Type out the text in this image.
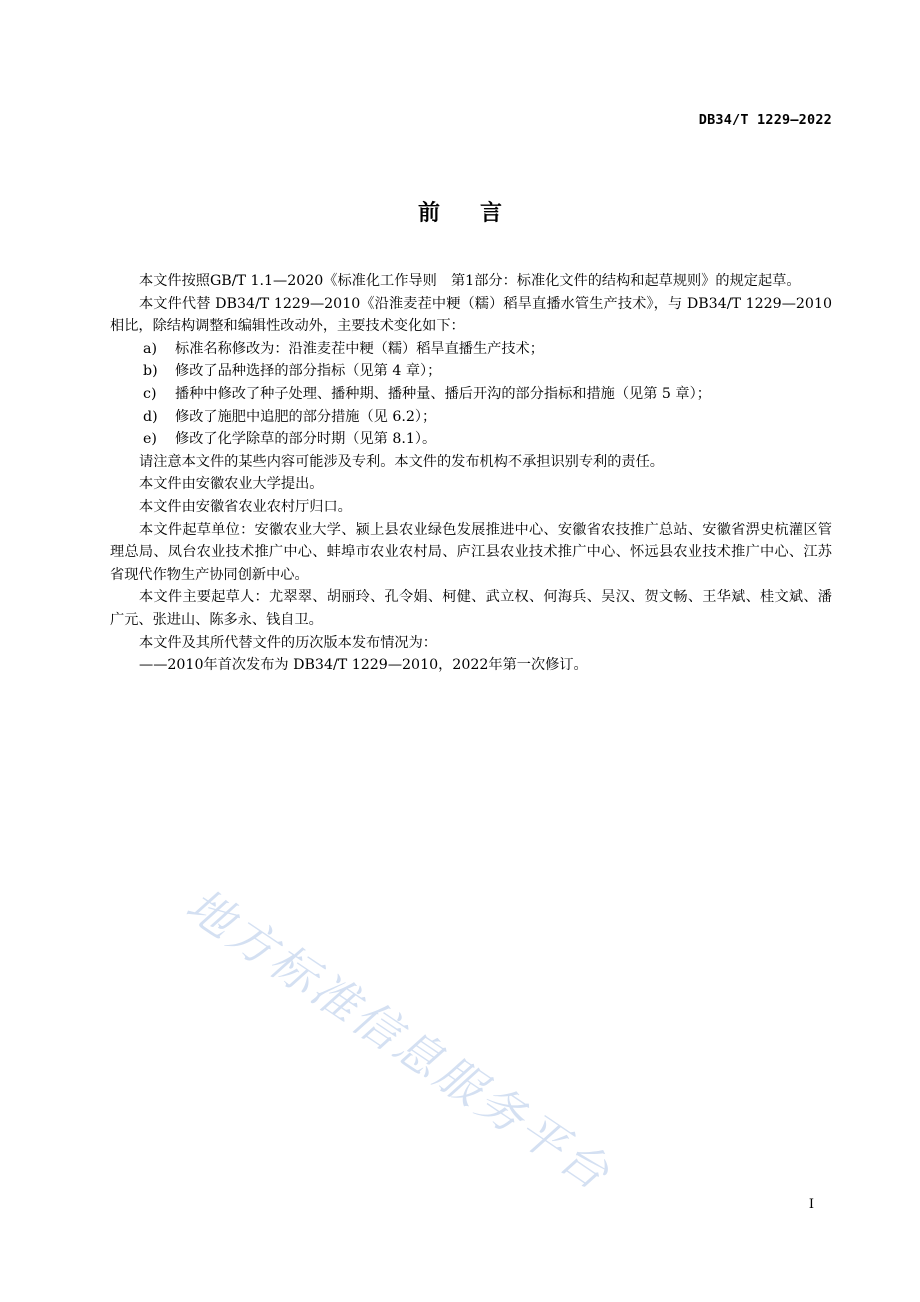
DB34/T 1229—2022
前言

本文件按照GB/T 1.1—2020《标准化工作导则　第1部分：标准化文件的结构和起草规则》的规定起草。

本文件代替 DB34/T 1229—2010《沿淮麦茬中粳（糯）稻旱直播水管生产技术》，与 DB34/T 1229—2010相比，除结构调整和编辑性改动外，主要技术变化如下：

a)	标准名称修改为：沿淮麦茬中粳（糯）稻旱直播生产技术；
b)	修改了品种选择的部分指标（见第 4 章）；
c)	播种中修改了种子处理、播种期、播种量、播后开沟的部分指标和措施（见第 5 章）；
d)	修改了施肥中追肥的部分措施（见 6.2）；
e)	修改了化学除草的部分时期（见第 8.1）。

请注意本文件的某些内容可能涉及专利。本文件的发布机构不承担识别专利的责任。

本文件由安徽农业大学提出。

本文件由安徽省农业农村厅归口。

本文件起草单位：安徽农业大学、颍上县农业绿色发展推进中心、安徽省农技推广总站、安徽省淠史杭灌区管理总局、凤台农业技术推广中心、蚌埠市农业农村局、庐江县农业技术推广中心、怀远县农业技术推广中心、江苏省现代作物生产协同创新中心。

本文件主要起草人：尤翠翠、胡丽玲、孔令娟、柯健、武立权、何海兵、吴汉、贺文畅、王华斌、桂文斌、潘广元、张进山、陈多永、钱自卫。

本文件及其所代替文件的历次版本发布情况为：

——2010年首次发布为 DB34/T 1229—2010，2022年第一次修订。

地方标准信息服务平台
I
